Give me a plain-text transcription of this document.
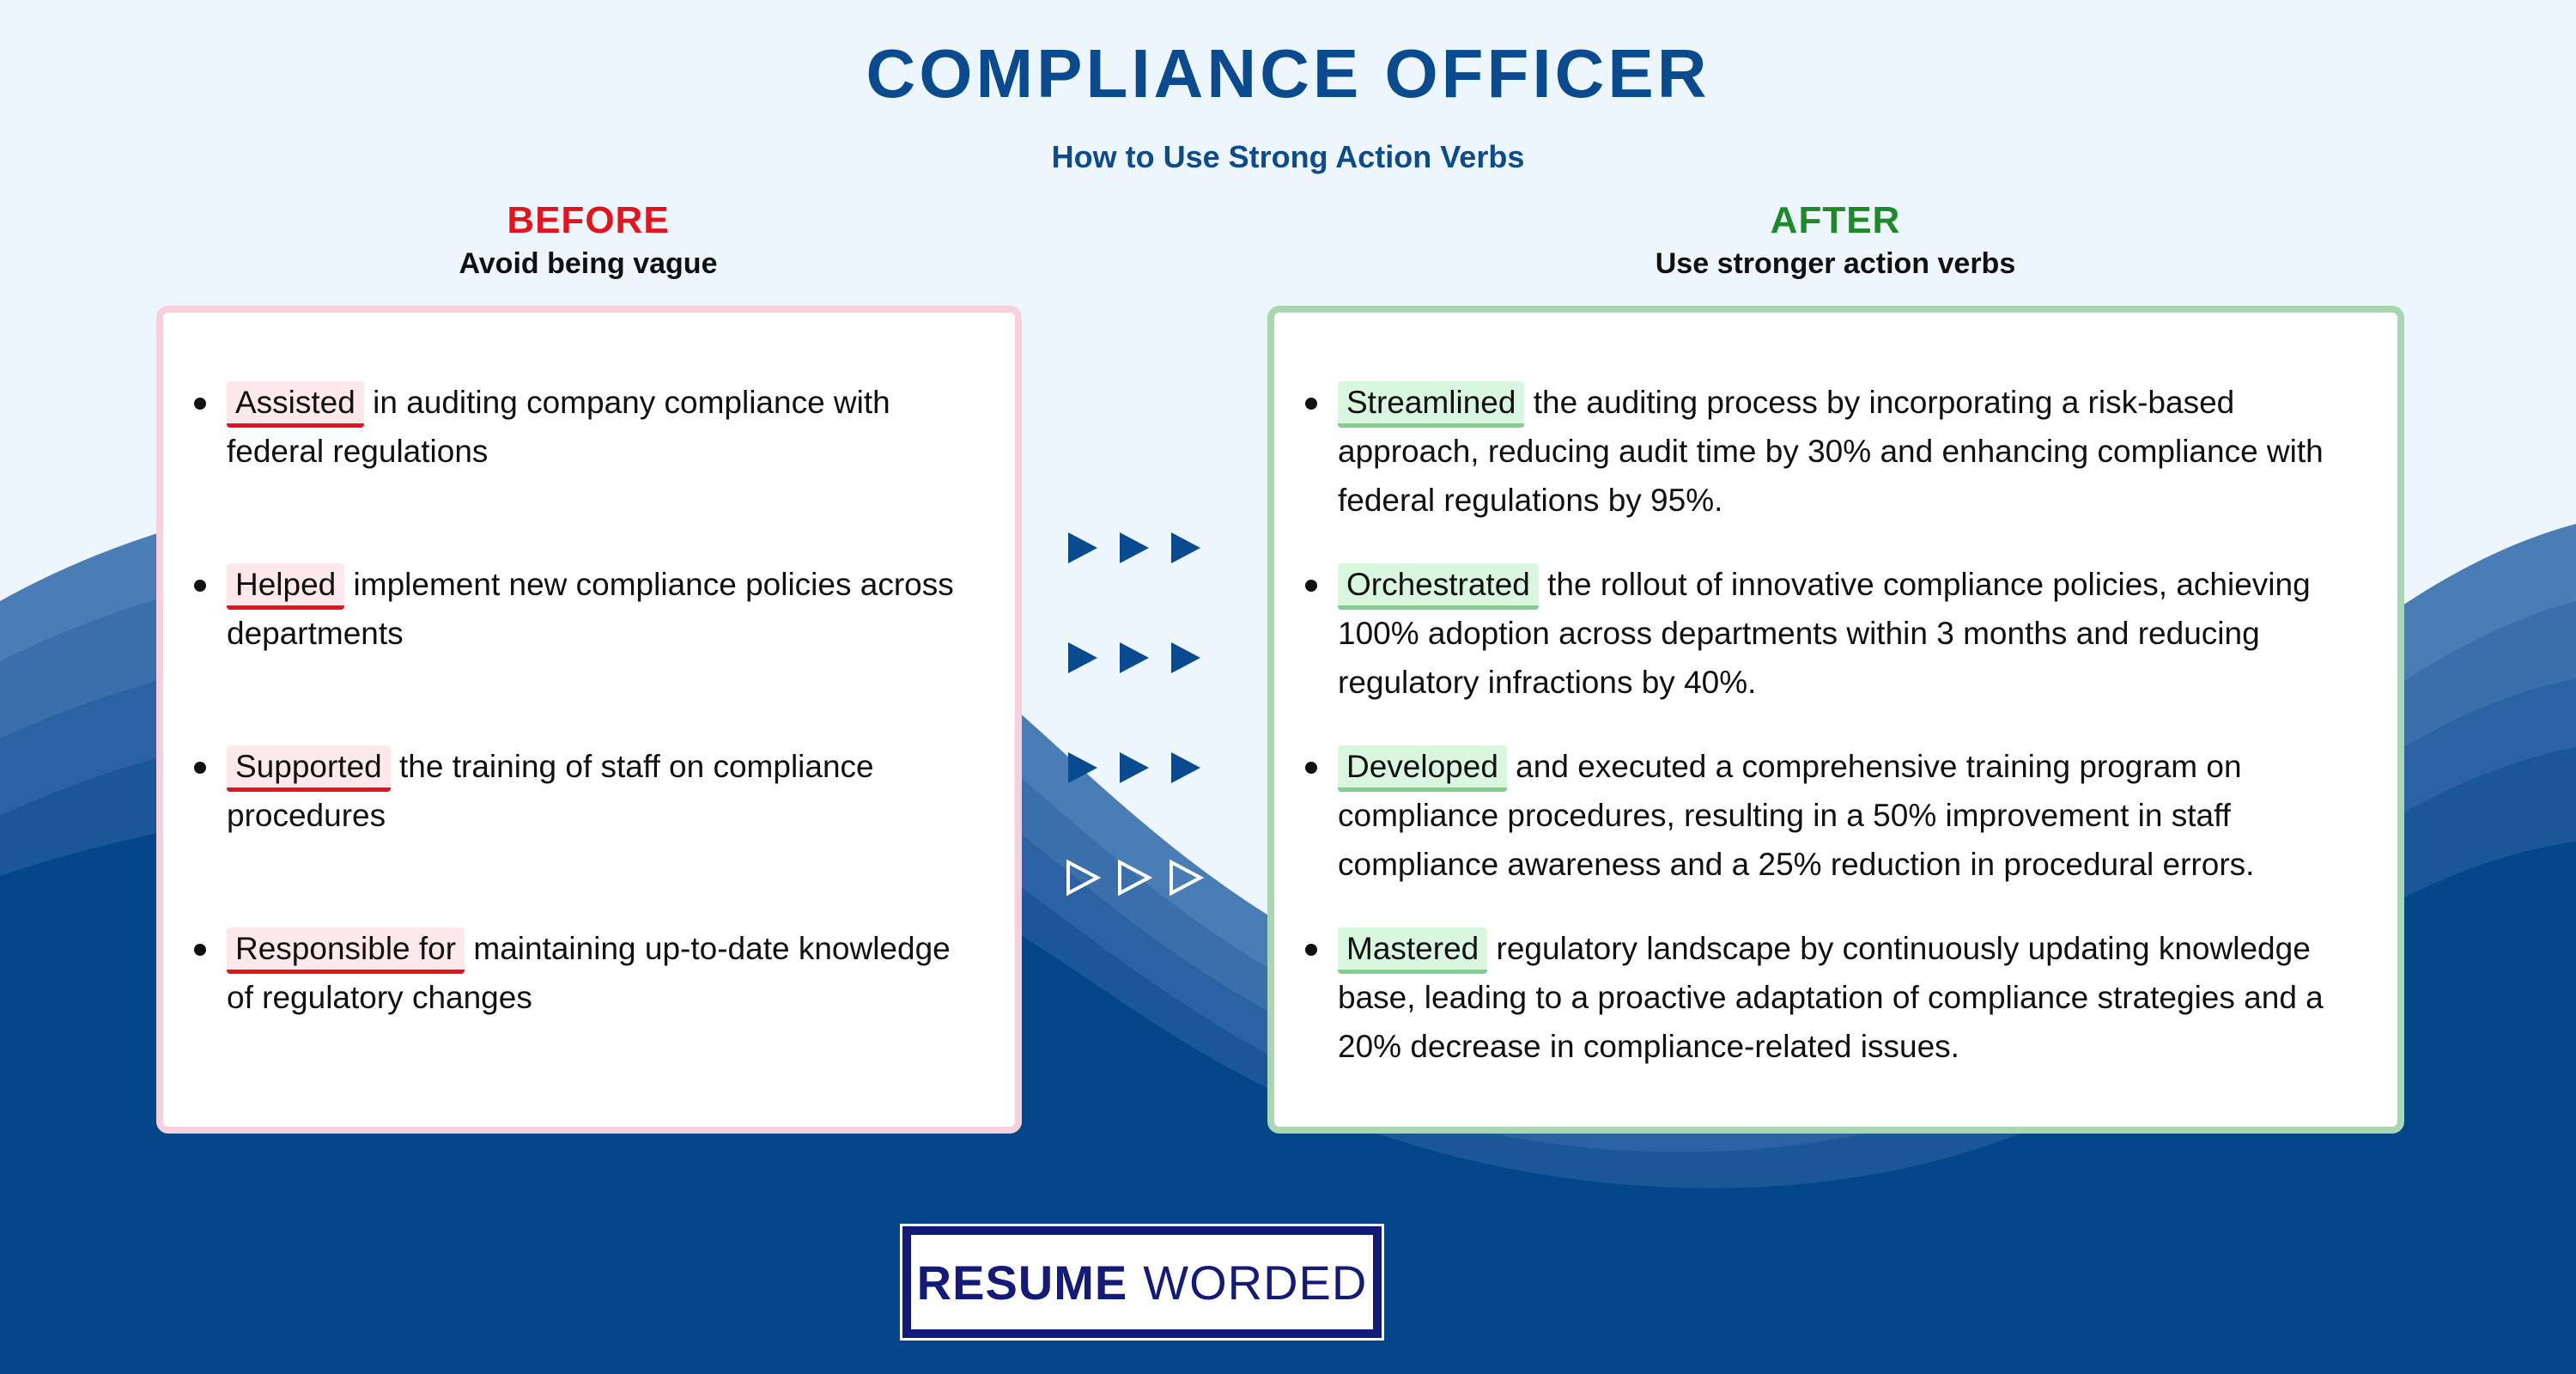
COMPLIANCE OFFICER
How to Use Strong Action Verbs
BEFORE
Avoid being vague
AFTER
Use stronger action verbs
Assisted in auditing company compliance with federal regulations
Helped implement new compliance policies across departments
Supported the training of staff on compliance procedures
Responsible for maintaining up-to-date knowledge of regulatory changes
Streamlined the auditing process by incorporating a risk-based approach, reducing audit time by 30% and enhancing compliance with federal regulations by 95%.
Orchestrated the rollout of innovative compliance policies, achieving 100% adoption across departments within 3 months and reducing regulatory infractions by 40%.
Developed and executed a comprehensive training program on compliance procedures, resulting in a 50% improvement in staff compliance awareness and a 25% reduction in procedural errors.
Mastered regulatory landscape by continuously updating knowledge base, leading to a proactive adaptation of compliance strategies and a 20% decrease in compliance-related issues.
RESUME WORDED
